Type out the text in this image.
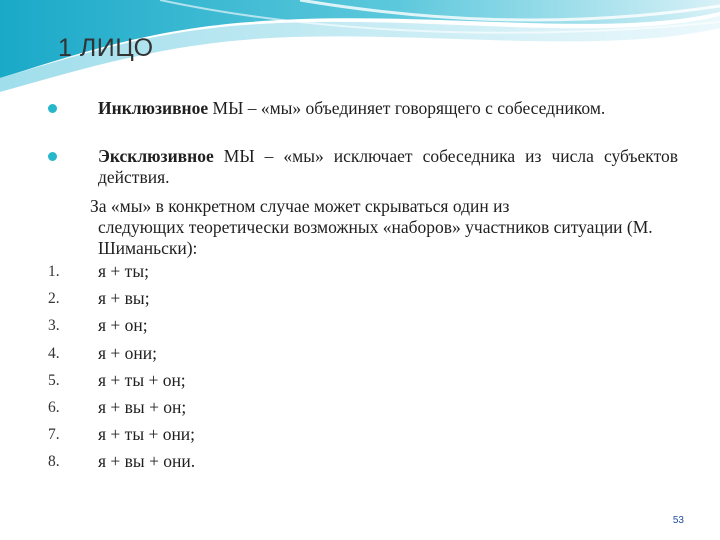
1 ЛИЦО
Инклюзивное МЫ – «мы» объединяет говорящего с собеседником.
Эксклюзивное МЫ – «мы» исключает собеседника из числа субъектов действия.
За «мы» в конкретном случае может скрываться один из
следующих теоретически возможных «наборов» участников ситуации (М. Шиманьски):
1.	я + ты;
2.	я + вы;
3.	я + он;
4.	я + они;
5.	я + ты + он;
6.	я + вы + он;
7.	я + ты + они;
8.	я + вы + они.
53
